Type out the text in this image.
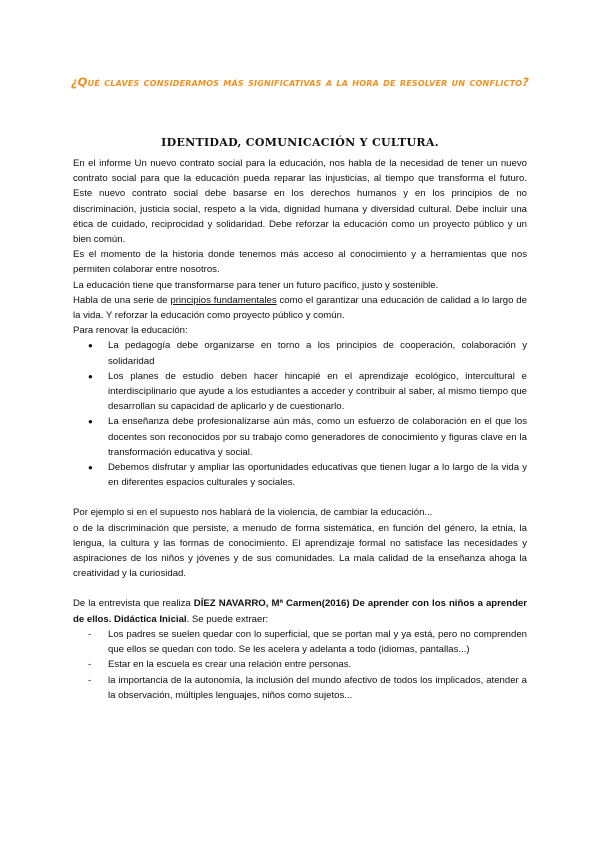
¿Qué claves consideramos más significativas a la hora de resolver un conflicto?
IDENTIDAD, COMUNICACIÓN Y CULTURA.

En el informe Un nuevo contrato social para la educación, nos habla de la necesidad de tener un nuevo contrato social para que la educación pueda reparar las injusticias, al tiempo que transforma el futuro. Este nuevo contrato social debe basarse en los derechos humanos y en los principios de no discriminación, justicia social, respeto a la vida, dignidad humana y diversidad cultural. Debe incluir una ética de cuidado, reciprocidad y solidaridad. Debe reforzar la educación como un proyecto público y un bien común.

Es el momento de la historia donde tenemos más acceso al conocimiento y a herramientas que nos permiten colaborar entre nosotros.

La educación tiene que transformarse para tener un futuro pacífico, justo y sostenible.

Habla de una serie de principios fundamentales como el garantizar una educación de calidad a lo largo de la vida. Y reforzar la educación como proyecto público y común.

Para renovar la educación:

● La pedagogía debe organizarse en torno a los principios de cooperación, colaboración y solidaridad
● Los planes de estudio deben hacer hincapié en el aprendizaje ecológico, intercultural e interdisciplinario que ayude a los estudiantes a acceder y contribuir al saber, al mismo tiempo que desarrollan su capacidad de aplicarlo y de cuestionarlo.
● La enseñanza debe profesionalizarse aún más, como un esfuerzo de colaboración en el que los docentes son reconocidos por su trabajo como generadores de conocimiento y figuras clave en la transformación educativa y social.
● Debemos disfrutar y ampliar las oportunidades educativas que tienen lugar a lo largo de la vida y en diferentes espacios culturales y sociales.

Por ejemplo si en el supuesto nos hablará de la violencia, de cambiar la educación...

o de la discriminación que persiste, a menudo de forma sistemática, en función del género, la etnia, la lengua, la cultura y las formas de conocimiento. El aprendizaje formal no satisface las necesidades y aspiraciones de los niños y jóvenes y de sus comunidades. La mala calidad de la enseñanza ahoga la creatividad y la curiosidad.

De la entrevista que realiza DÍEZ NAVARRO, Mª Carmen(2016) De aprender con los niños a aprender de ellos. Didáctica Inicial. Se puede extraer:

- Los padres se suelen quedar con lo superficial, que se portan mal y ya está, pero no comprenden que ellos se quedan con todo. Se les acelera y adelanta a todo (idiomas, pantallas...)
- Estar en la escuela es crear una relación entre personas.
- la importancia de la autonomía, la inclusión del mundo afectivo de todos los implicados, atender a la observación, múltiples lenguajes, niños como sujetos...
